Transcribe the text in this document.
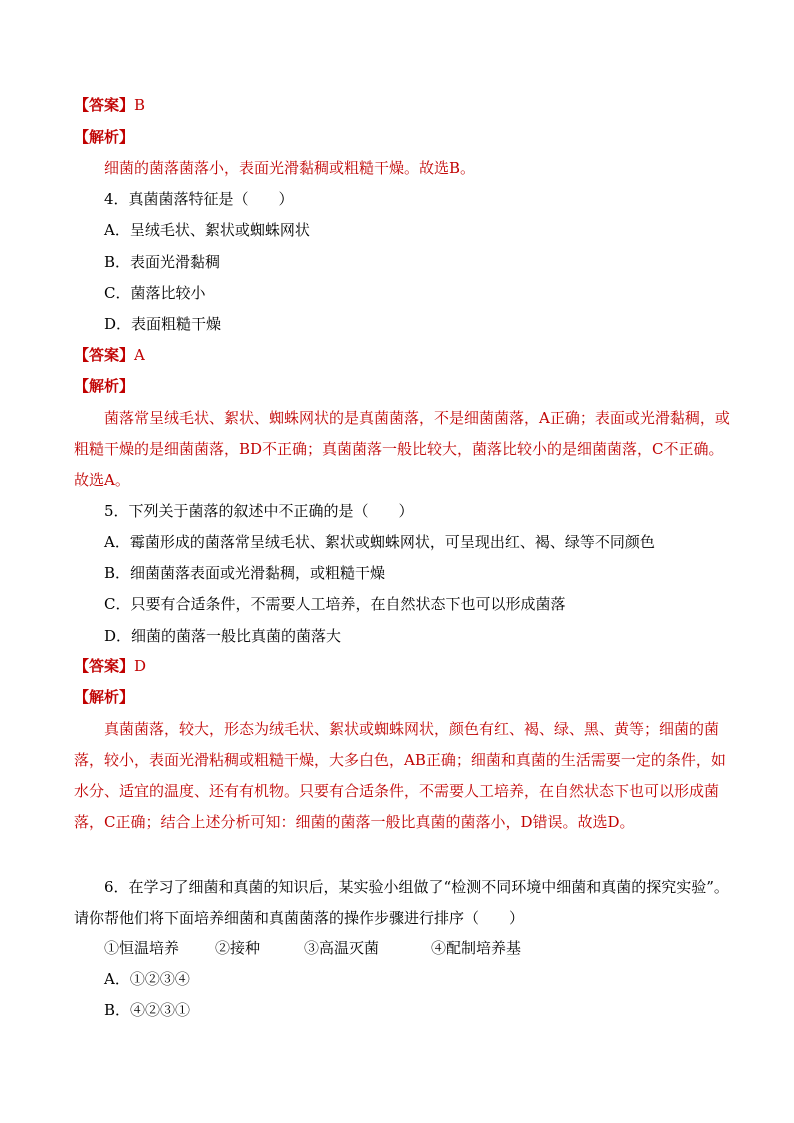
【答案】B
【解析】
细菌的菌落菌落小，表面光滑黏稠或粗糙干燥。故选B。
4．真菌菌落特征是（　　）
A．呈绒毛状、絮状或蜘蛛网状
B．表面光滑黏稠
C．菌落比较小
D．表面粗糙干燥
【答案】A
【解析】
菌落常呈绒毛状、絮状、蜘蛛网状的是真菌菌落，不是细菌菌落，A正确；表面或光滑黏稠，或粗糙干燥的是细菌菌落，BD不正确；真菌菌落一般比较大，菌落比较小的是细菌菌落，C不正确。故选A。
5．下列关于菌落的叙述中不正确的是（　　）
A．霉菌形成的菌落常呈绒毛状、絮状或蜘蛛网状，可呈现出红、褐、绿等不同颜色
B．细菌菌落表面或光滑黏稠，或粗糙干燥
C．只要有合适条件，不需要人工培养，在自然状态下也可以形成菌落
D．细菌的菌落一般比真菌的菌落大
【答案】D
【解析】
真菌菌落，较大，形态为绒毛状、絮状或蜘蛛网状，颜色有红、褐、绿、黑、黄等；细菌的菌落，较小，表面光滑粘稠或粗糙干燥，大多白色，AB正确；细菌和真菌的生活需要一定的条件，如水分、适宜的温度、还有有机物。只要有合适条件，不需要人工培养，在自然状态下也可以形成菌落，C正确；结合上述分析可知：细菌的菌落一般比真菌的菌落小，D错误。故选D。
6．在学习了细菌和真菌的知识后，某实验小组做了“检测不同环境中细菌和真菌的探究实验”。请你帮他们将下面培养细菌和真菌菌落的操作步骤进行排序（　　）
①恒温培养 ②接种	③高温灭菌	④配制培养基
A．①②③④
B．④②③①
